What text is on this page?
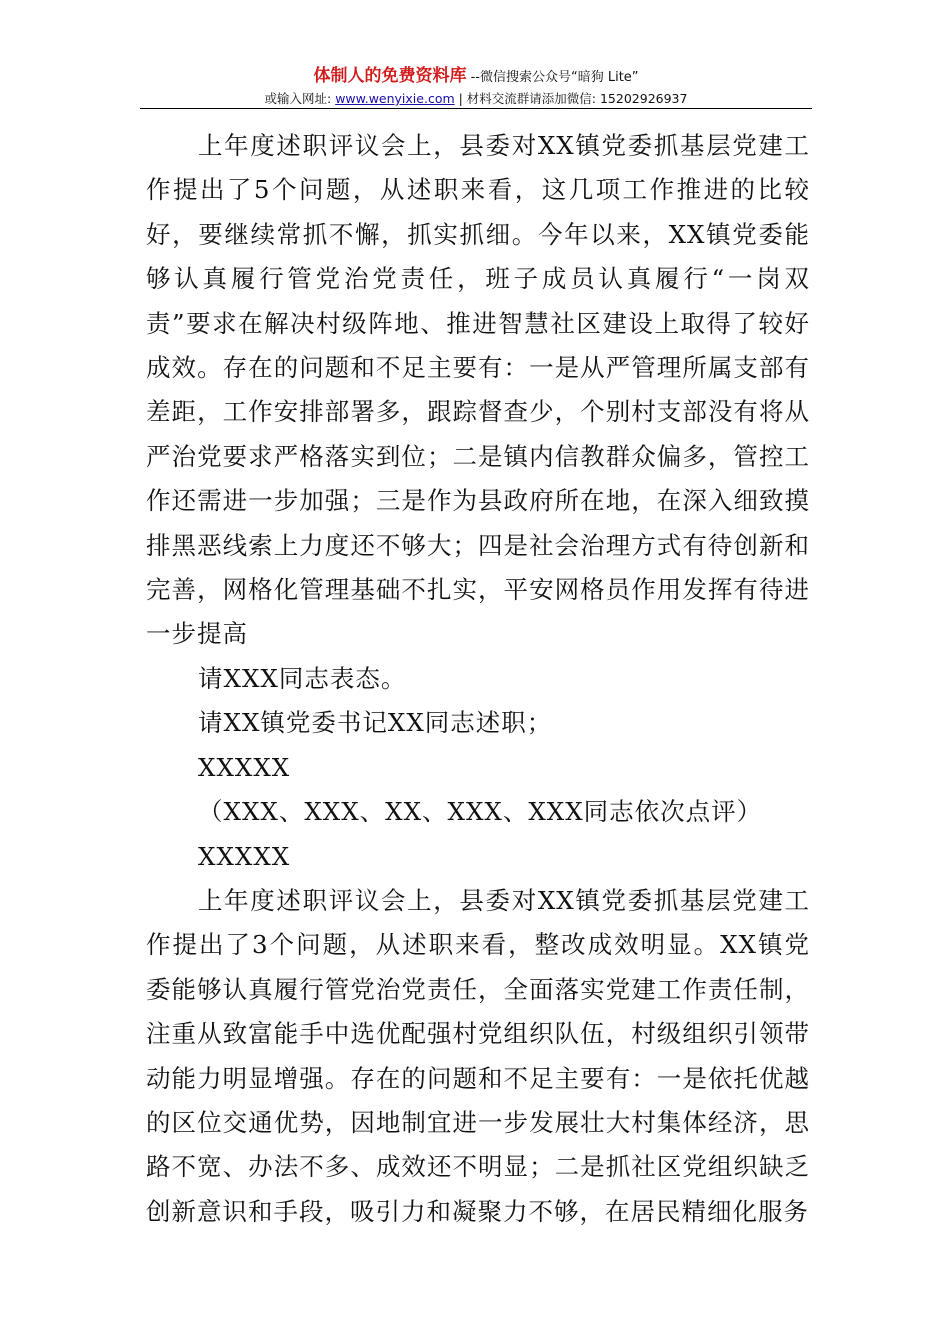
体制人的免费资料库 --微信搜索公众号“暗狗 Lite”
或输入网址: www.wenyixie.com | 材料交流群请添加微信: 15202926937

上年度述职评议会上，县委对XX镇党委抓基层党建工作提出了5个问题，从述职来看，这几项工作推进的比较好，要继续常抓不懈，抓实抓细。今年以来，XX镇党委能够认真履行管党治党责任，班子成员认真履行“一岗双责”要求在解决村级阵地、推进智慧社区建设上取得了较好成效。存在的问题和不足主要有：一是从严管理所属支部有差距，工作安排部署多，跟踪督查少，个别村支部没有将从严治党要求严格落实到位；二是镇内信教群众偏多，管控工作还需进一步加强；三是作为县政府所在地，在深入细致摸排黑恶线索上力度还不够大；四是社会治理方式有待创新和完善，网格化管理基础不扎实，平安网格员作用发挥有待进一步提高

请XXX同志表态。

请XX镇党委书记XX同志述职；

XXXXX

（XXX、XXX、XX、XXX、XXX同志依次点评）

XXXXX

上年度述职评议会上，县委对XX镇党委抓基层党建工作提出了3个问题，从述职来看，整改成效明显。XX镇党委能够认真履行管党治党责任，全面落实党建工作责任制，注重从致富能手中选优配强村党组织队伍，村级组织引领带动能力明显增强。存在的问题和不足主要有：一是依托优越的区位交通优势，因地制宜进一步发展壮大村集体经济，思路不宽、办法不多、成效还不明显；二是抓社区党组织缺乏创新意识和手段，吸引力和凝聚力不够，在居民精细化服务
